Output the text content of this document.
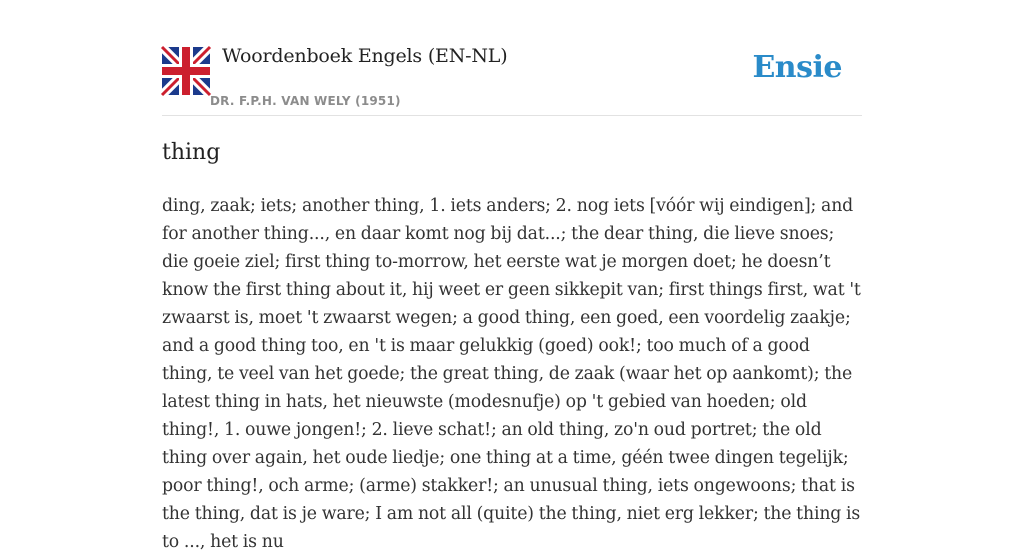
Woordenboek Engels (EN-NL)
DR. F.P.H. VAN WELY (1951)
Ensie
thing
ding, zaak; iets; another thing, 1. iets anders; 2. nog iets [vóór wij eindigen]; and for another thing..., en daar komt nog bij dat...; the dear thing, die lieve snoes; die goeie ziel; first thing to-morrow, het eerste wat je morgen doet; he doesn’t know the first thing about it, hij weet er geen sikkepit van; first things first, wat 't zwaarst is, moet 't zwaarst wegen; a good thing, een goed, een voordelig zaakje; and a good thing too, en 't is maar gelukkig (goed) ook!; too much of a good thing, te veel van het goede; the great thing, de zaak (waar het op aankomt); the latest thing in hats, het nieuwste (modesnufje) op 't gebied van hoeden; old thing!, 1. ouwe jongen!; 2. lieve schat!; an old thing, zo'n oud portret; the old thing over again, het oude liedje; one thing at a time, géén twee dingen tegelijk; poor thing!, och arme; (arme) stakker!; an unusual thing, iets ongewoons; that is the thing, dat is je ware; I am not all (quite) the thing, niet erg lekker; the thing is to ..., het is nu
